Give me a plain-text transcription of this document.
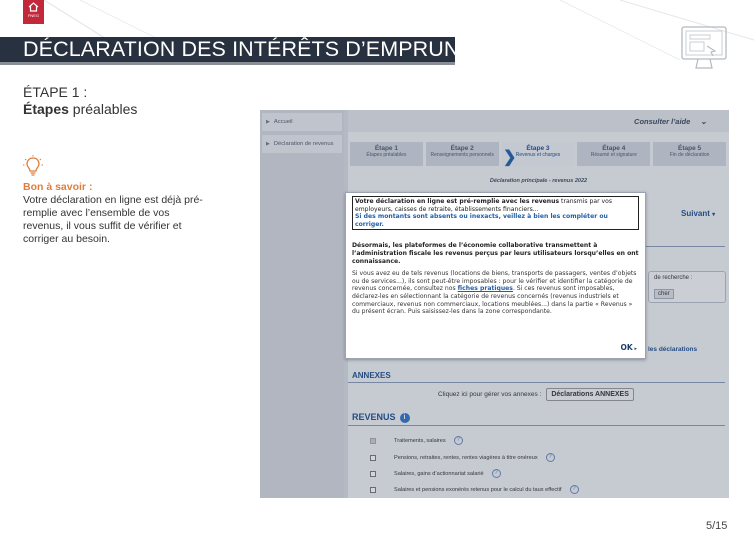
FNEG
DÉCLARATION DES INTÉRÊTS D’EMPRUNT
ÉTAPE 1 :
Étapes préalables
Bon à savoir :
Votre déclaration en ligne est déjà pré-remplie avec l’ensemble de vos revenus, il vous suffit de vérifier et corriger au besoin.
▶ Accueil
▶ Déclaration de revenus
Consulter l’aide ⌄
Étape 1
Étapes préalables
Étape 2
Renseignements personnels
Étape 3
Revenus et charges
Étape 4
Résumé et signature
Étape 5
Fin de déclaration
❯
Déclaration principale - revenus 2022
Suivant ▾
de recherche :
cher
les déclarations
ANNEXES
Cliquez ici pour gérer vos annexes :	Déclarations ANNEXES
REVENUS i
Traitements, salaires	?
Pensions, retraites, rentes, rentes viagères à titre onéreux	?
Salaires, gains d’actionnariat salarié	?
Salaires et pensions exonérés retenus pour le calcul du taux effectif	?
Votre déclaration en ligne est pré-remplie avec les revenus transmis par vos employeurs, caisses de retraite, établissements financiers...
Si des montants sont absents ou inexacts, veillez à bien les compléter ou corriger.

Désormais, les plateformes de l’économie collaborative transmettent à l’administration fiscale les revenus perçus par leurs utilisateurs lorsqu’elles en ont connaissance.

Si vous avez eu de tels revenus (locations de biens, transports de passagers, ventes d’objets ou de services...), ils sont peut-être imposables : pour le vérifier et identifier la catégorie de revenus concernée, consultez nos fiches pratiques. Si ces revenus sont imposables, déclarez-les en sélectionnant la catégorie de revenus concernés (revenus industriels et commerciaux, revenus non commerciaux, locations meublées...) dans la partie « Revenus » du présent écran. Puis saisissez-les dans la zone correspondante.

OK ▸
5/15
